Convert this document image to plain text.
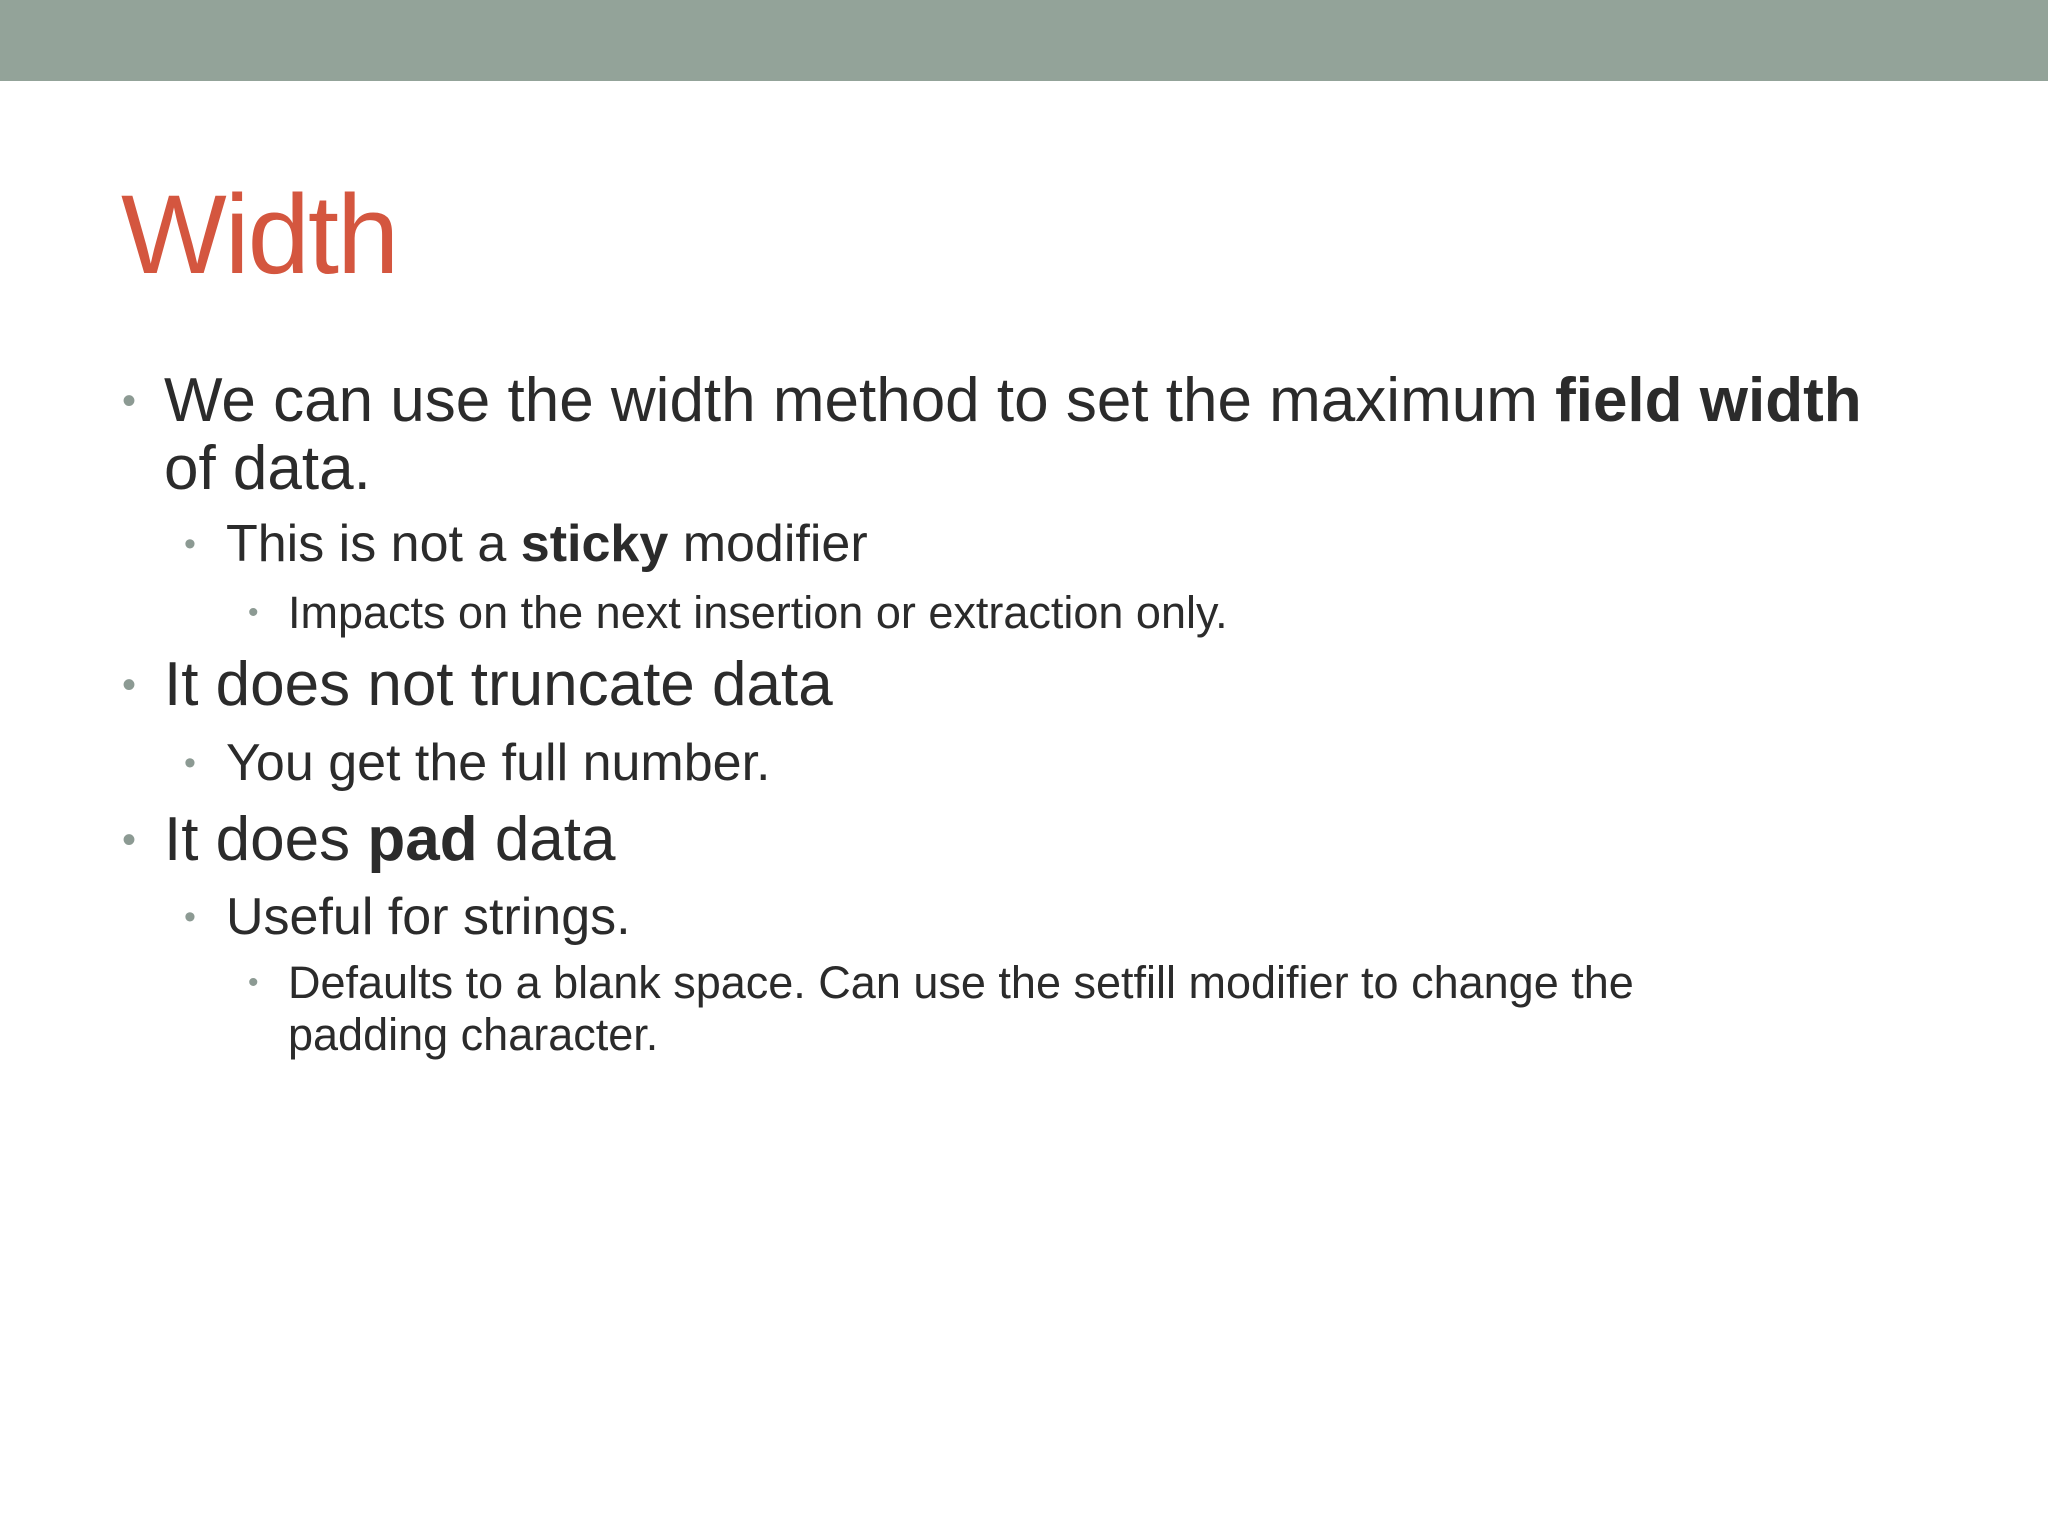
Width

• We can use the width method to set the maximum field width of data.

• This is not a sticky modifier

• Impacts on the next insertion or extraction only.

• It does not truncate data

• You get the full number.

• It does pad data

• Useful for strings.

• Defaults to a blank space. Can use the setfill modifier to change the padding character.
